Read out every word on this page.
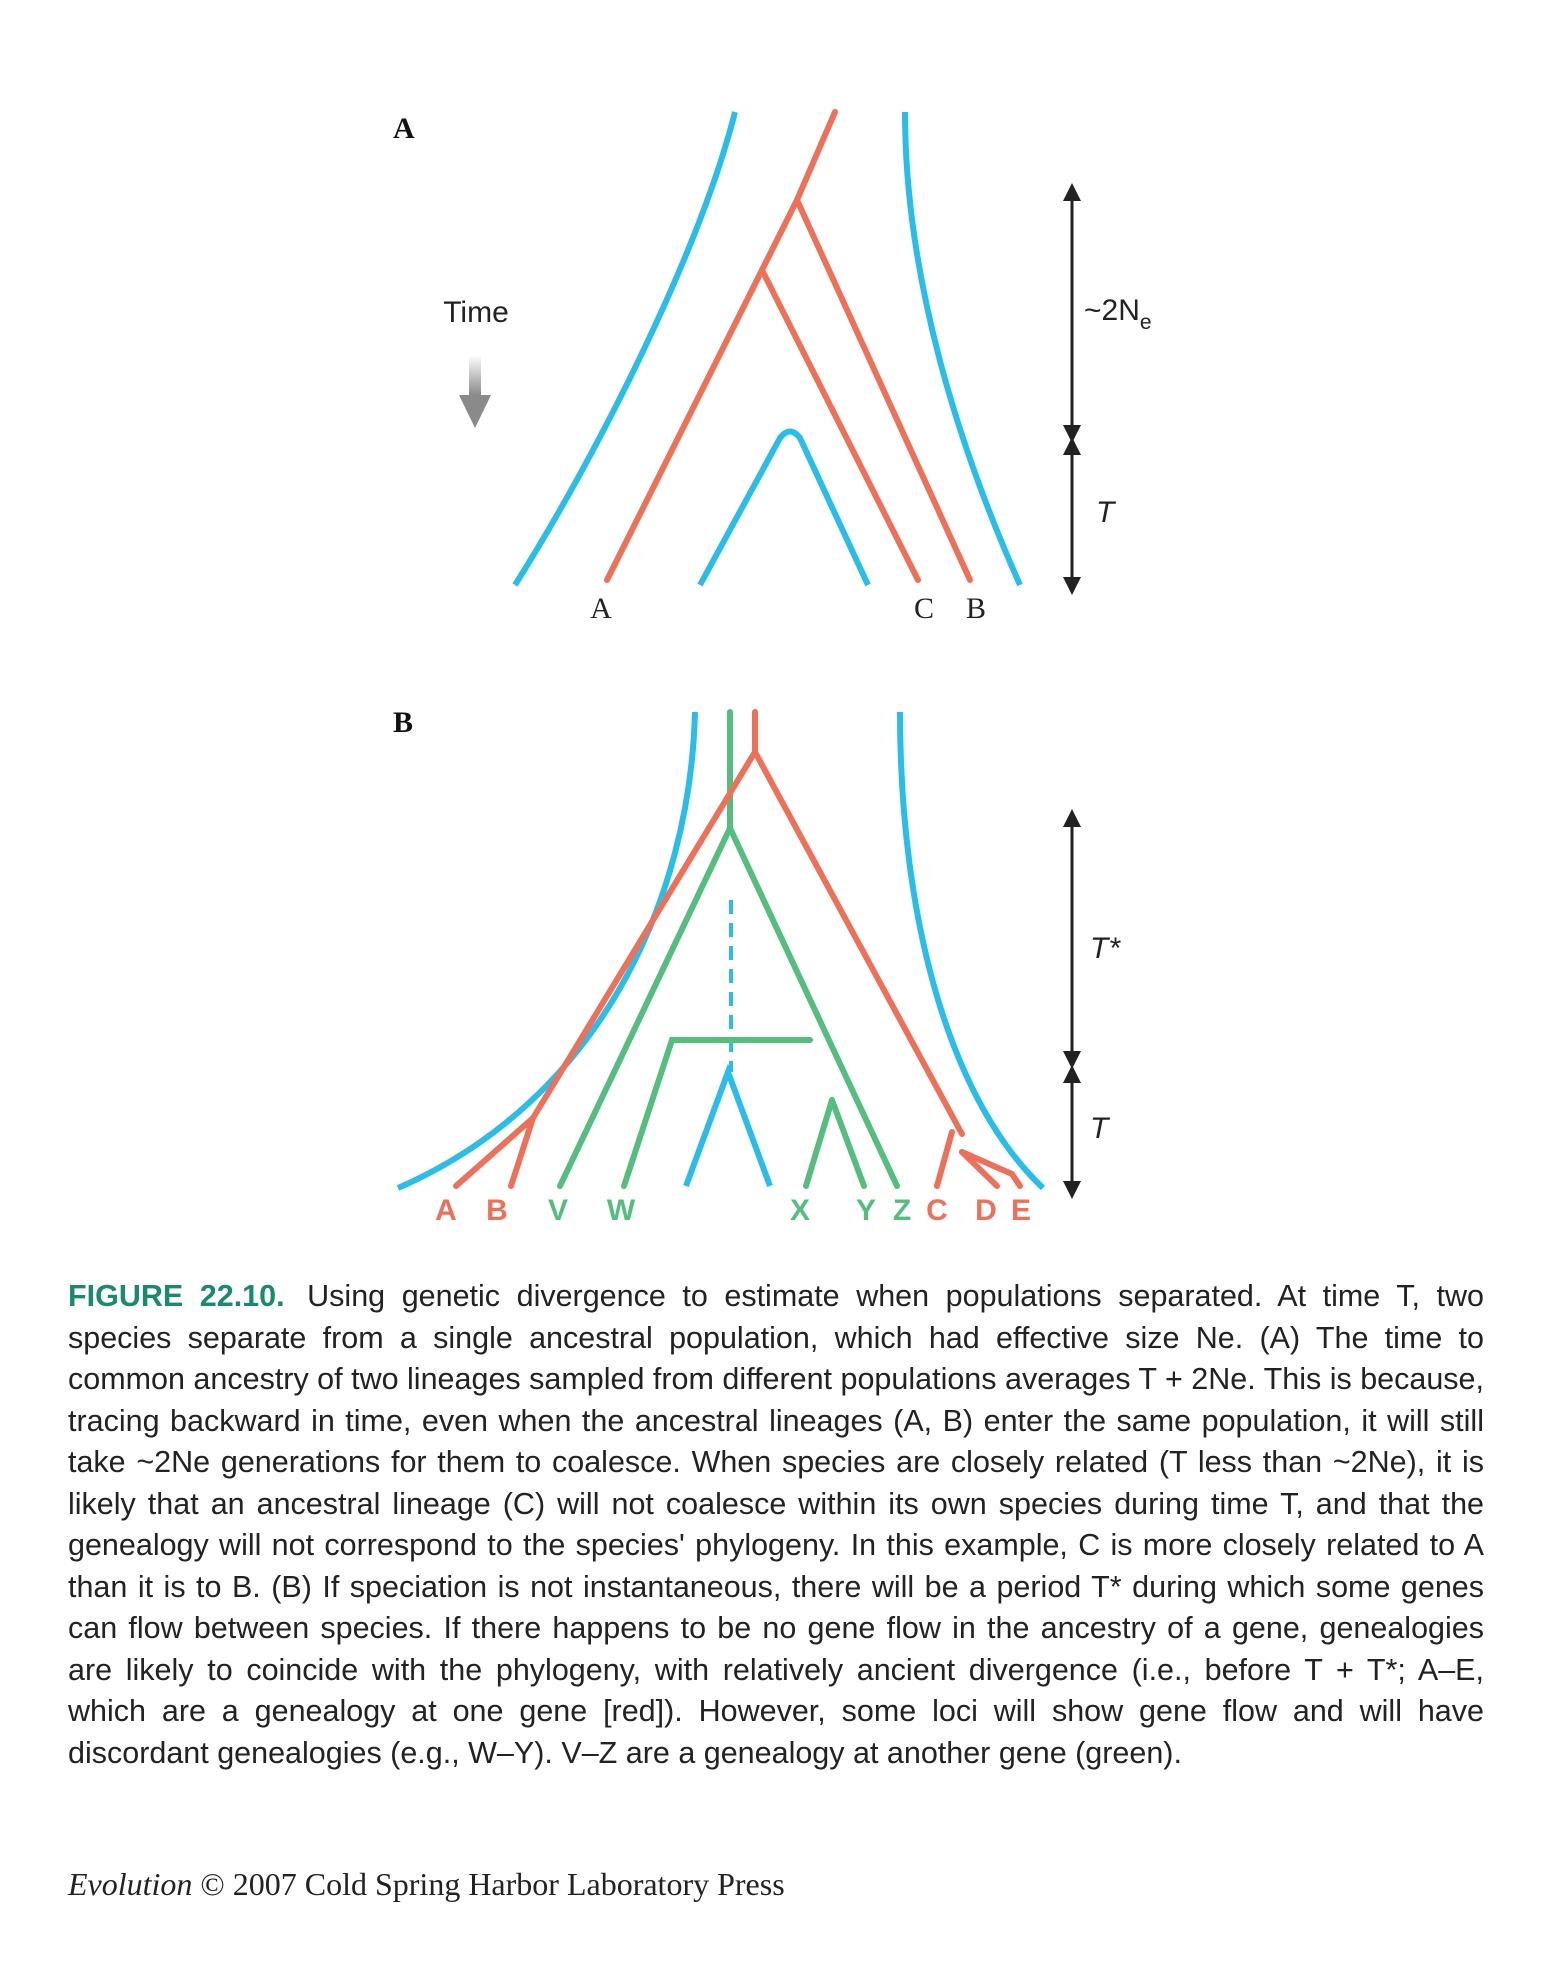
A
B
Time	$\sim 2N_e$
T
A	C B
T*
T
A B V W	X Y Z C D E
FIGURE 22.10. Using genetic divergence to estimate when populations separated. At time T, two species separate from a single ancestral population, which had effective size Ne. (A) The time to common ancestry of two lineages sampled from different populations averages T + 2Ne. This is because, tracing backward in time, even when the ancestral lineages (A, B) enter the same population, it will still take ~2Ne generations for them to coalesce. When species are closely related (T less than ~2Ne), it is likely that an ancestral lineage (C) will not coalesce within its own species during time T, and that the genealogy will not correspond to the species' phylogeny. In this example, C is more closely related to A than it is to B. (B) If speciation is not instantaneous, there will be a period T* during which some genes can flow between species. If there happens to be no gene flow in the ancestry of a gene, genealogies are likely to coincide with the phylogeny, with relatively ancient divergence (i.e., before T + T*; A–E, which are a genealogy at one gene [red]). However, some loci will show gene flow and will have discordant genealogies (e.g., W–Y). V–Z are a genealogy at another gene (green).
Evolution © 2007 Cold Spring Harbor Laboratory Press
